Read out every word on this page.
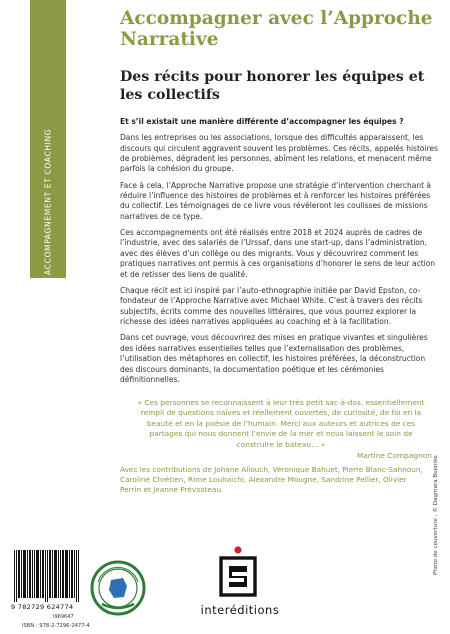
ACCOMPAGNEMENT ET COACHING
Accompagner avec l’Approche Narrative
Des récits pour honorer les équipes et les collectifs

Et s’il existait une manière différente d’accompagner les équipes ?

Dans les entreprises ou les associations, lorsque des difficultés apparaissent, les discours qui circulent aggravent souvent les problèmes. Ces récits, appelés histoires de problèmes, dégradent les personnes, abîment les relations, et menacent même parfois la cohésion du groupe.

Face à cela, l’Approche Narrative propose une stratégie d’intervention cherchant à réduire l’influence des histoires de problèmes et à renforcer les histoires préférées du collectif. Les témoignages de ce livre vous révéleront les coulisses de missions narratives de ce type.

Ces accompagnements ont été réalisés entre 2018 et 2024 auprès de cadres de l’industrie, avec des salariés de l’Urssaf, dans une start-up, dans l’administration, avec des élèves d’un collège ou des migrants. Vous y découvrirez comment les pratiques narratives ont permis à ces organisations d’honorer le sens de leur action et de retisser des liens de qualité.

Chaque récit est ici inspiré par l’auto-ethnographie initiée par David Epston, co-fondateur de l’Approche Narrative avec Michael White. C’est à travers des récits subjectifs, écrits comme des nouvelles littéraires, que vous pourrez explorer la richesse des idées narratives appliquées au coaching et à la facilitation.

Dans cet ouvrage, vous découvrirez des mises en pratique vivantes et singulières des idées narratives essentielles telles que l’externalisation des problèmes, l’utilisation des métaphores en collectif, les histoires préférées, la déconstruction des discours dominants, la documentation poétique et les cérémonies définitionnelles.

« Ces personnes se reconnaissent à leur très petit sac-à-dos, essentiellement rempli de questions naïves et réellement ouvertes, de curiosité, de foi en la beauté et en la poésie de l’humain. Merci aux auteurs et autrices de ces partages qui nous donnent l’envie de la mer et nous laissent le soin de construire le bateau… »

Martine Compagnon
Avec les contributions de Johane Allouch, Véronique Bahuet, Pierre Blanc-Sahnoun, Caroline Chrétien, Rime Louhaichi, Alexandre Mougne, Sandrine Pellier, Olivier Perrin et Jeanne Prévosteau.	Photo de couverture : © Dagmara Bojenko
9 782729 624774
I969647
ISBN : 978-2-7296-2477-4
interéditions
